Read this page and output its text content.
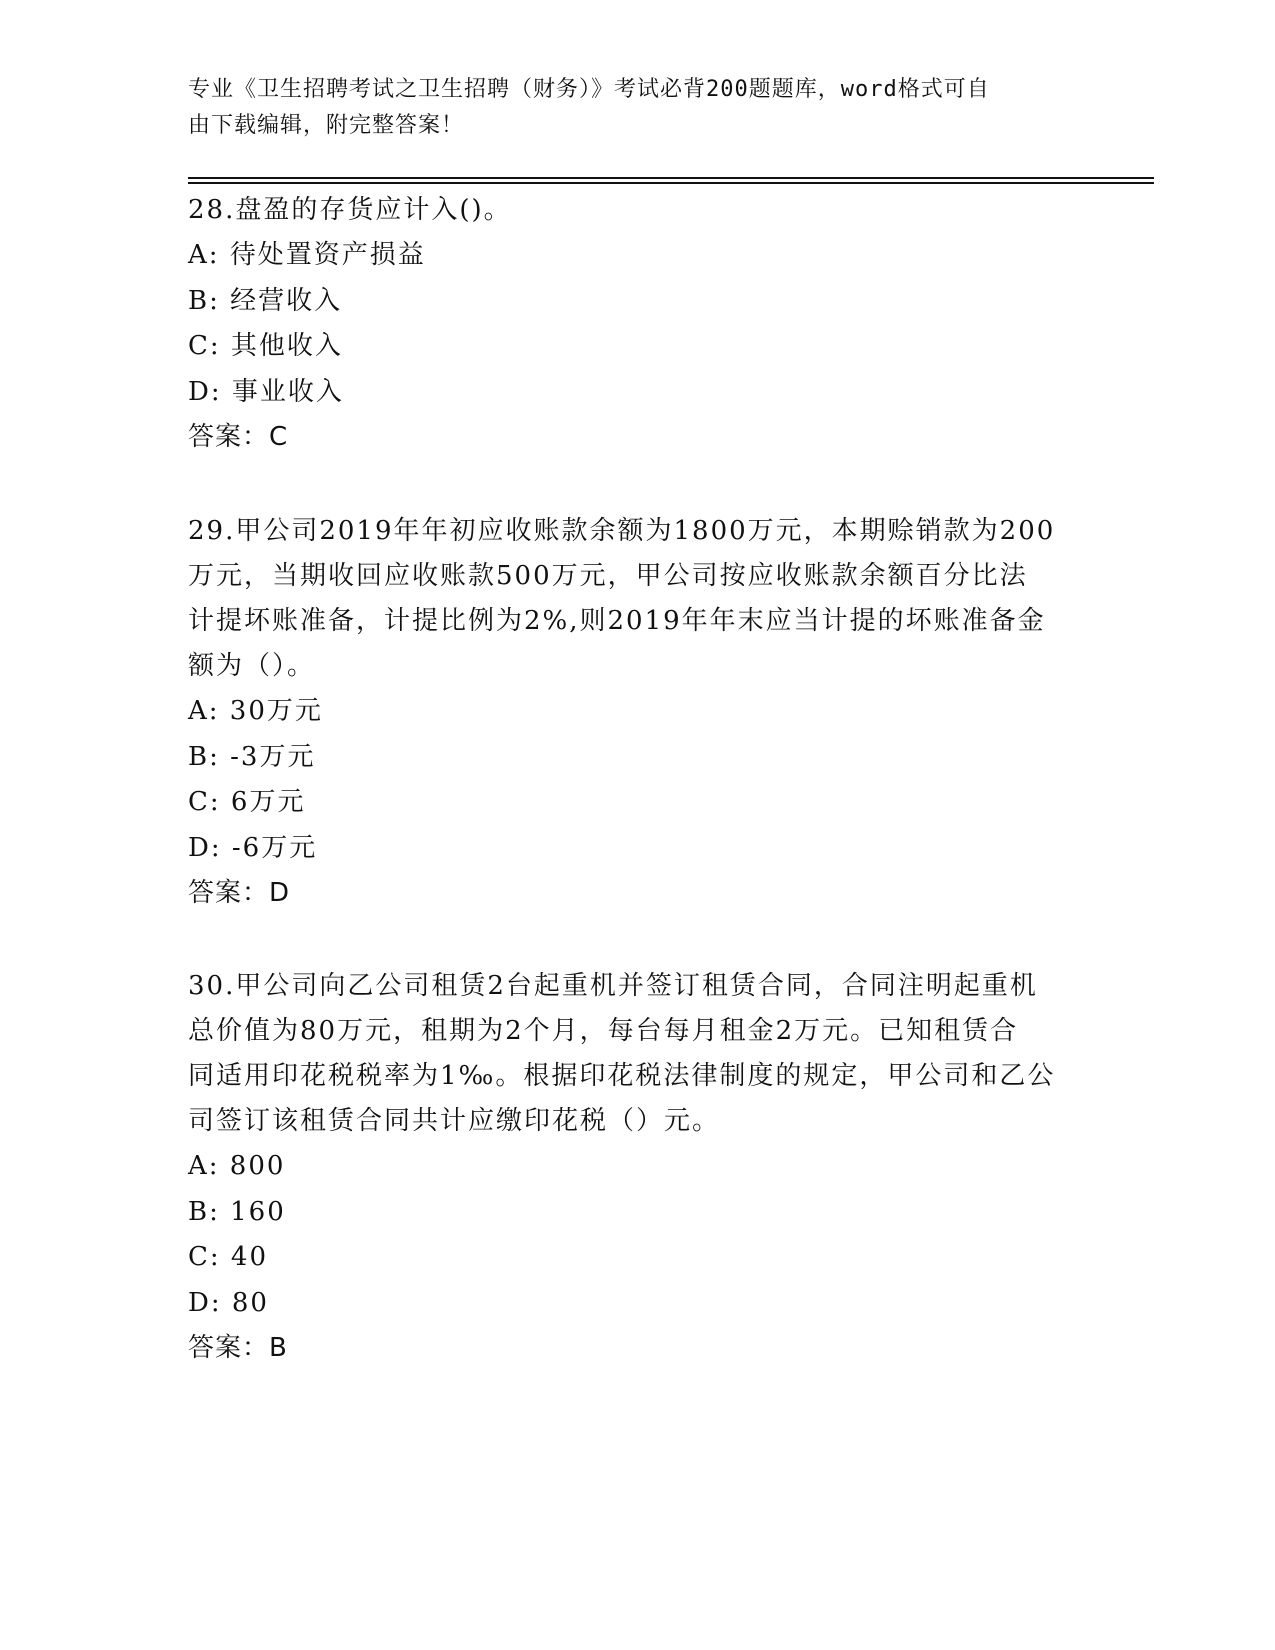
专业《卫生招聘考试之卫生招聘（财务）》考试必背200题题库，word格式可自
由下载编辑，附完整答案！

28.盘盈的存货应计入()。

A: 待处置资产损益

B: 经营收入

C: 其他收入

D: 事业收入

答案：C

29.甲公司2019年年初应收账款余额为1800万元，本期赊销款为200

万元，当期收回应收账款500万元，甲公司按应收账款余额百分比法

计提坏账准备，计提比例为2%,则2019年年末应当计提的坏账准备金

额为（）。

A: 30万元

B: -3万元

C: 6万元

D: -6万元

答案：D

30.甲公司向乙公司租赁2台起重机并签订租赁合同，合同注明起重机

总价值为80万元，租期为2个月，每台每月租金2万元。已知租赁合

同适用印花税税率为1‰。根据印花税法律制度的规定，甲公司和乙公

司签订该租赁合同共计应缴印花税（）元。

A: 800

B: 160

C: 40

D: 80

答案：B
